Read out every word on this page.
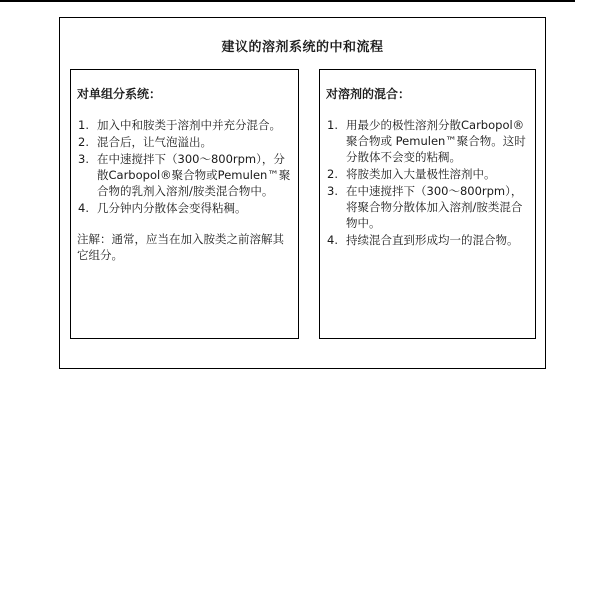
建议的溶剂系统的中和流程
对单组分系统：
1. 加入中和胺类于溶剂中并充分混合。
2. 混合后，让气泡溢出。
3. 在中速搅拌下（300～800rpm），分散Carbopol®聚合物或Pemulen™聚合物的乳剂入溶剂/胺类混合物中。
4. 几分钟内分散体会变得粘稠。
注解：通常，应当在加入胺类之前溶解其它组分。
对溶剂的混合：
1. 用最少的极性溶剂分散Carbopol®聚合物或 Pemulen™聚合物。这时分散体不会变的粘稠。
2. 将胺类加入大量极性溶剂中。
3. 在中速搅拌下（300～800rpm），将聚合物分散体加入溶剂/胺类混合物中。
4. 持续混合直到形成均一的混合物。
